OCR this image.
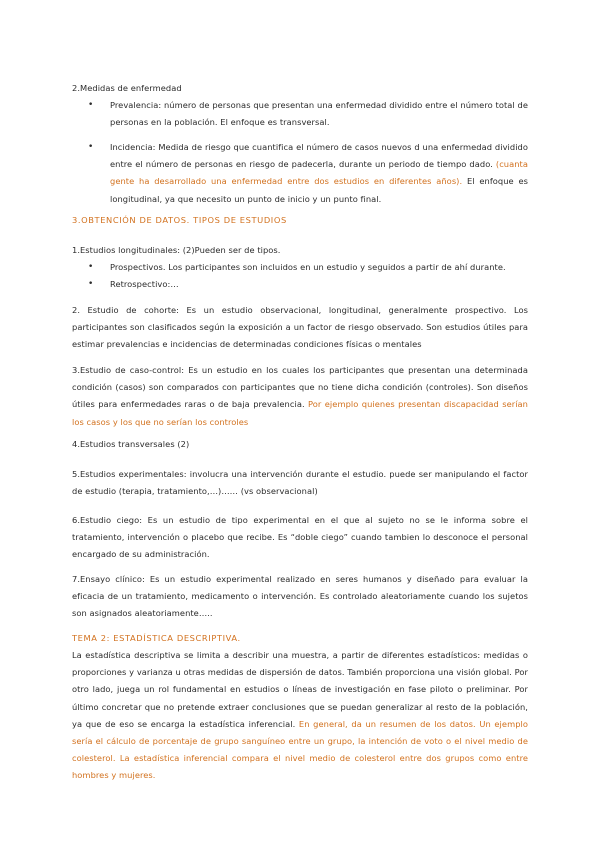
2.Medidas de enfermedad

• Prevalencia: número de personas que presentan una enfermedad dividido entre el número total de personas en la población. El enfoque es transversal.
• Incidencia: Medida de riesgo que cuantifica el número de casos nuevos d una enfermedad dividido entre el número de personas en riesgo de padecerla, durante un periodo de tiempo dado. (cuanta gente ha desarrollado una enfermedad entre dos estudios en diferentes años). El enfoque es longitudinal, ya que necesito un punto de inicio y un punto final.

3.OBTENCIÓN DE DATOS. TIPOS DE ESTUDIOS

1.Estudios longitudinales: (2)Pueden ser de tipos.

• Prospectivos. Los participantes son incluidos en un estudio y seguidos a partir de ahí durante.
• Retrospectivo:…

2. Estudio de cohorte: Es un estudio observacional, longitudinal, generalmente prospectivo. Los participantes son clasificados según la exposición a un factor de riesgo observado. Son estudios útiles para estimar prevalencias e incidencias de determinadas condiciones físicas o mentales

3.Estudio de caso-control: Es un estudio en los cuales los participantes que presentan una determinada condición (casos) son comparados con participantes que no tiene dicha condición (controles). Son diseños útiles para enfermedades raras o de baja prevalencia. Por ejemplo quienes presentan discapacidad serían los casos y los que no serían los controles

4.Estudios transversales (2)

5.Estudios experimentales: involucra una intervención durante el estudio. puede ser manipulando el factor de estudio (terapia, tratamiento,…)…… (vs observacional)

6.Estudio ciego: Es un estudio de tipo experimental en el que al sujeto no se le informa sobre el tratamiento, intervención o placebo que recibe. Es “doble ciego” cuando tambien lo desconoce el personal encargado de su administración.

7.Ensayo clínico: Es un estudio experimental realizado en seres humanos y diseñado para evaluar la eficacia de un tratamiento, medicamento o intervención. Es controlado aleatoriamente cuando los sujetos son asignados aleatoriamente…..

TEMA 2: ESTADÍSTICA DESCRIPTIVA.

La estadística descriptiva se limita a describir una muestra, a partir de diferentes estadísticos: medidas o proporciones y varianza u otras medidas de dispersión de datos. También proporciona una visión global. Por otro lado, juega un rol fundamental en estudios o líneas de investigación en fase piloto o preliminar. Por último concretar que no pretende extraer conclusiones que se puedan generalizar al resto de la población, ya que de eso se encarga la estadística inferencial. En general, da un resumen de los datos. Un ejemplo sería el cálculo de porcentaje de grupo sanguíneo entre un grupo, la intención de voto o el nivel medio de colesterol. La estadística inferencial compara el nivel medio de colesterol entre dos grupos como entre hombres y mujeres.
